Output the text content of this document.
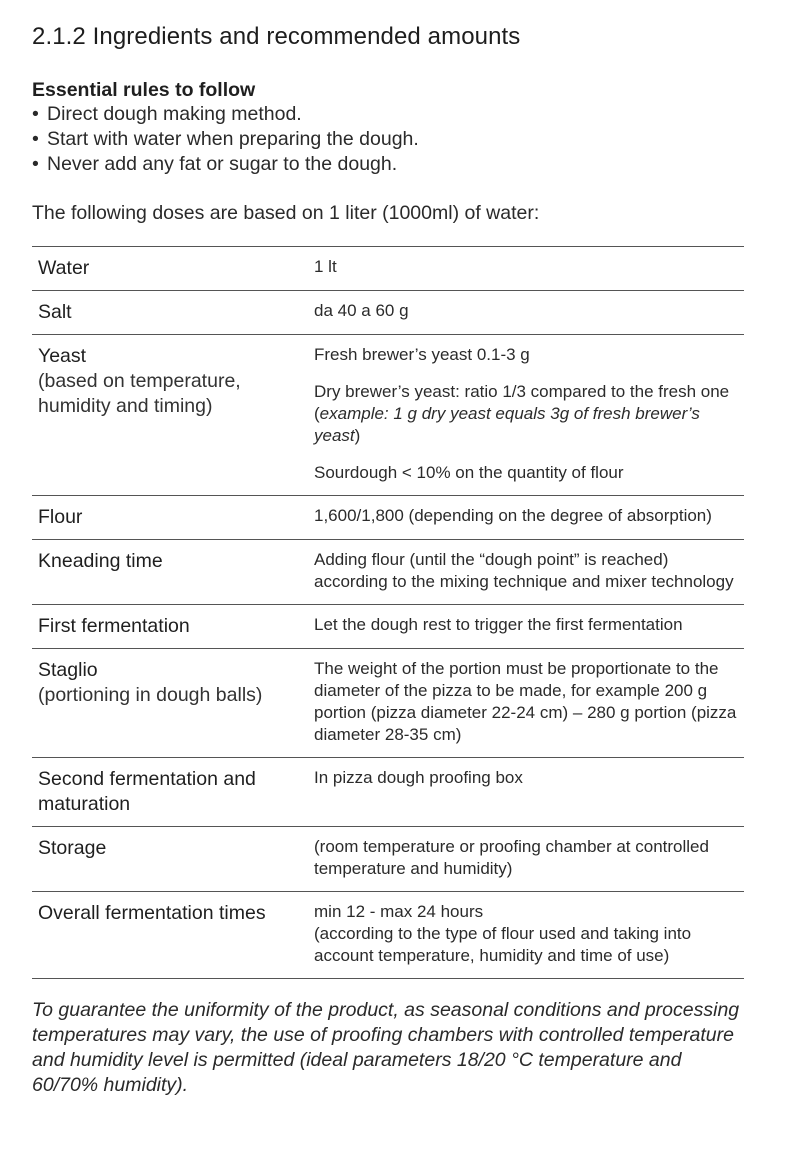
2.1.2 Ingredients and recommended amounts
Essential rules to follow
• Direct dough making method.
• Start with water when preparing the dough.
• Never add any fat or sugar to the dough.
The following doses are based on 1 liter (1000ml) of water:
Water	1 lt

Salt	da 40 a 60 g

Yeast
(based on temperature, humidity and timing)	Fresh brewer’s yeast 0.1-3 g
Dry brewer’s yeast: ratio 1/3 compared to the fresh one (example: 1 g dry yeast equals 3g of fresh brewer’s yeast)
Sourdough < 10% on the quantity of flour

Flour	1,600/1,800 (depending on the degree of absorption)

Kneading time	Adding flour (until the “dough point” is reached) according to the mixing technique and mixer technology

First fermentation	Let the dough rest to trigger the first fermentation

Staglio
(portioning in dough balls)	The weight of the portion must be proportionate to the diameter of the pizza to be made, for example 200 g portion (pizza diameter 22-24 cm) – 280 g portion (pizza diameter 28-35 cm)

Second fermentation and maturation	In pizza dough proofing box

Storage	(room temperature or proofing chamber at controlled temperature and humidity)

Overall fermentation times	min 12 - max 24 hours
(according to the type of flour used and taking into account temperature, humidity and time of use)
To guarantee the uniformity of the product, as seasonal conditions and processing temperatures may vary, the use of proofing chambers with controlled temperature and humidity level is permitted (ideal parameters 18/20 °C temperature and 60/70% humidity).
